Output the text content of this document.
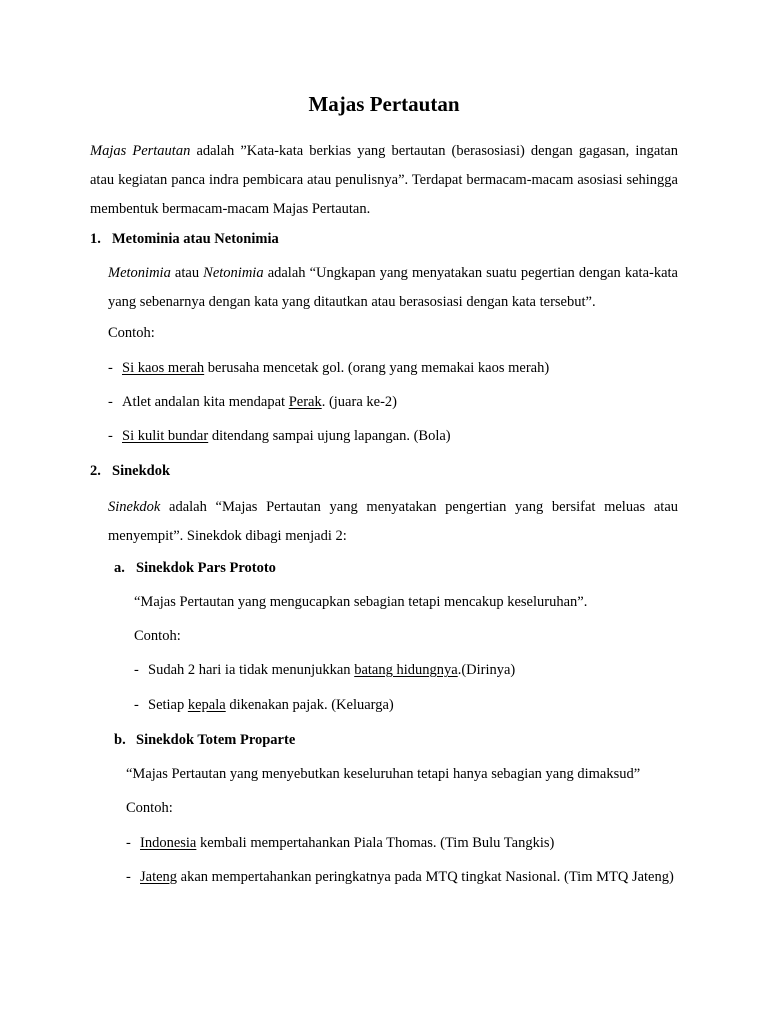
Majas Pertautan
Majas Pertautan adalah ”Kata-kata berkias yang bertautan (berasosiasi) dengan gagasan, ingatan atau kegiatan panca indra pembicara atau penulisnya”. Terdapat bermacam-macam asosiasi sehingga membentuk bermacam-macam Majas Pertautan.
1. Metominia atau Netonimia
Metonimia atau Netonimia adalah “Ungkapan yang menyatakan suatu pegertian dengan kata-kata yang sebenarnya dengan kata yang ditautkan atau berasosiasi dengan kata tersebut”.
Contoh:
- Si kaos merah berusaha mencetak gol. (orang yang memakai kaos merah)
- Atlet andalan kita mendapat Perak. (juara ke-2)
- Si kulit bundar ditendang sampai ujung lapangan. (Bola)
2. Sinekdok
Sinekdok adalah “Majas Pertautan yang menyatakan pengertian yang bersifat meluas atau menyempit”. Sinekdok dibagi menjadi 2:
a. Sinekdok Pars Prototo
“Majas Pertautan yang mengucapkan sebagian tetapi mencakup keseluruhan”.
Contoh:
- Sudah 2 hari ia tidak menunjukkan batang hidungnya.(Dirinya)
- Setiap kepala dikenakan pajak. (Keluarga)
b. Sinekdok Totem Proparte
“Majas Pertautan yang menyebutkan keseluruhan tetapi hanya sebagian yang dimaksud”
Contoh:
- Indonesia kembali mempertahankan Piala Thomas. (Tim Bulu Tangkis)
- Jateng akan mempertahankan peringkatnya pada MTQ tingkat Nasional. (Tim MTQ Jateng)
